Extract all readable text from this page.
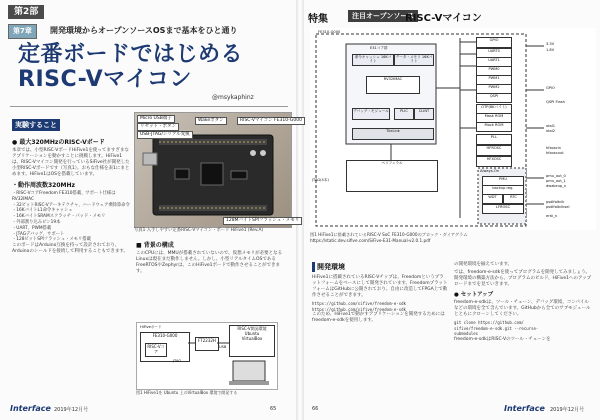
第2部
第7章	開発環境からオープンソースOSまで基本をひと通り
定番ボードではじめる
RISC-Vマイコン
@msykaphinz
実験すること
● 最大320MHzのRISC-Vボード

本章では、小型RISC-VボードHiFive1を使ってますざまなアプリケーションを動かすことに挑戦します。HiFive1は、RISC-Vマイコン開発を行っているSiFive社が開発した小型RISC-Vボードです（写真1）。おもな仕様を表1にまとめます。HiFive1はOSを搭載しています。

・動作周波数320MHz
・RISC-VコアFreedom FE310搭載、サポート仕様はRV32IMAC
・32ビットRISC-Vアーキテクチャ、ハードウェア乗除算命令
・16KバイトL1命令キャッシュ
・16KバイトSRAMスクラッチ・パッド・メモリ
・外部割り込みピン19本
・UART、PWM搭載
・JTAGデバッグ、サポート
・128ビットSPIフラッシュ・メモリ搭載

このボードはArduino互換を持って設計されており、Arduinoのシールドを接続して利用することもできます。

Micro USB端子
リセット・ボタン
USB-JTAG/シリアル変換
Wakeボタン	RISC-Vマイコン FE310-G000
128MバイトSPIフラッシュ・メモリ
写真1 入手しやすい定番RISC-Vマイコン・ボード HiFive1 (Rev.A)
■ 背景の構成

このCPUには、MMUが搭載されていないので、仮想メモリが必要となるLinuxは現在まだ動作しません。しかし、小型リアルタイムOSであるFreeRTOSやZephyrは、このHiFive1ボードで動作させることができます。

HiFiveボード
FE310-G000
RISC-Vコア
FT2232H
JTAG
USB
RISC-V開発環境
Ubuntu
VirtualBox
図1 HiFive1を Ubuntu 上のVirtualBox 環境で開発する
Interface 2019年12月号	65
特集	注目オープンソース
RISC-Vマイコン
FE310-G000
E31コア群
命令キャッシュ 16Kバイト
データ・メモリ 16Kバイト
RV32IMAC
デバッグ・モジュール	PLIC	CLINT
TileLink
ペリフェラル
JTAG(4本)
GPIO
UART0
UART1
PWM0
PWM1
PWM2
QSPI
OTP(8Kバイト)
Mask ROM
Mock ROM
PLL
HFROSC
HFXOSC
Always-On
PMU
backup reg.
WDT	RTC
LFROSC
3.3V
1.8V
GPIO
QSPI Flash
xtal1
xtal2
hfxoscin
hfxoscout
pmu_out_0
pmu_out_1
dwakeup_n
psdlfaltclk
psdlfaltclksel
erst_n
図1 HiFive1に搭載されているRISC-V SoC FE310-G000のブロック・ダイアグラム
https://static.dev.sifive.com/SiFive-E31-Manual-v2.0.1.pdf
開発環境

HiFive1に搭載されているRISC-Vチップは、Freedomというプラットフォームをベースにして開発されています。FreedomプラットフォームはGitHubに公開されており、自由に改造してFPGA上で動作させることができます。

https://github.com/sifive/freedom-e-sdk
https://github.com/sifive/freedom-e-sdk

このため、HiFive1で動かすアプリケーションを開発するためにはfreedom-e-sdkを使用します。

の開発環境を揃えています。

では、freedom-e-sdkを使ってプログラムを開発してみましょう。開発環境の構築方法から、プログラムのビルド、HiFive1へのアップロードまでを見ていきます。

● セットアップ

freedom-e-sdkは、ツール・チェーン、デバッグ環境、コンパイルなどの環境を全て含んでいます。GitHubから全てのサブモジュールとともにクローンしてください。

git clone https://github.com/
sifive/freedom-e-sdk.git --recurse-
submodules

freedom-e-sdkはRISC-Vのツール・チェーンを

66	Interface 2019年12月号
